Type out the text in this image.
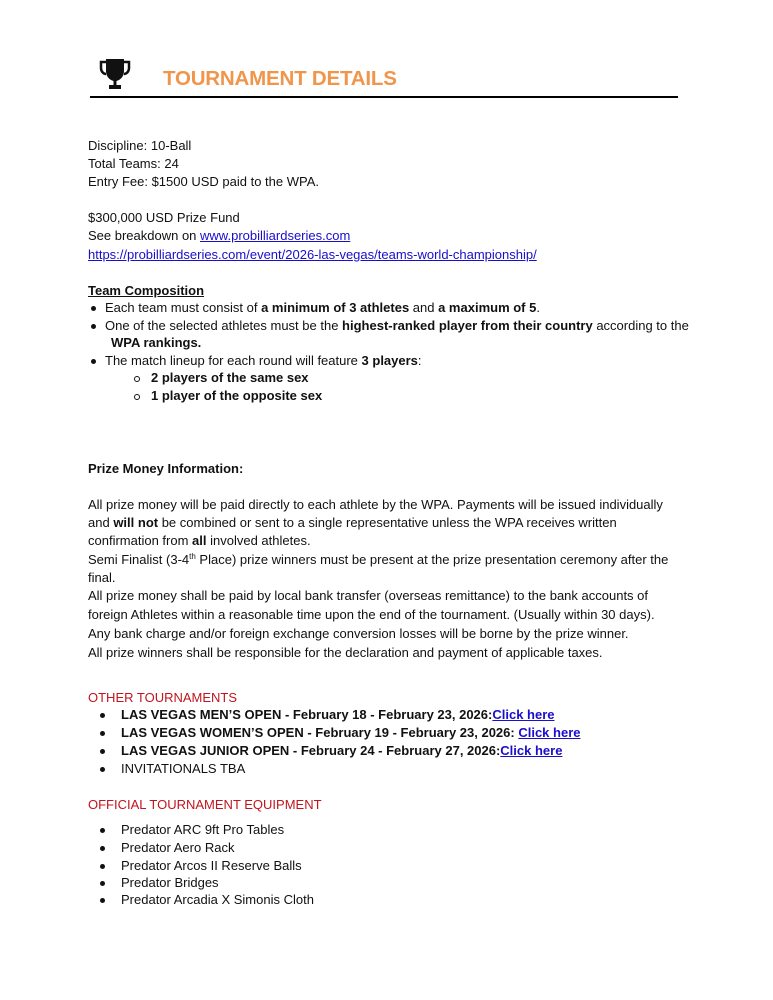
TOURNAMENT DETAILS
Discipline: 10-Ball
Total Teams: 24
Entry Fee: $1500 USD paid to the WPA.
$300,000 USD Prize Fund
See breakdown on www.probilliardseries.com
https://probilliardseries.com/event/2026-las-vegas/teams-world-championship/
Team Composition
Each team must consist of a minimum of 3 athletes and a maximum of 5.
One of the selected athletes must be the highest-ranked player from their country according to the
WPA rankings.
The match lineup for each round will feature 3 players:
2 players of the same sex
1 player of the opposite sex
Prize Money Information:
All prize money will be paid directly to each athlete by the WPA. Payments will be issued individually
and will not be combined or sent to a single representative unless the WPA receives written
confirmation from all involved athletes.
Semi Finalist (3-4th Place) prize winners must be present at the prize presentation ceremony after the
final.
All prize money shall be paid by local bank transfer (overseas remittance) to the bank accounts of
foreign Athletes within a reasonable time upon the end of the tournament. (Usually within 30 days).
Any bank charge and/or foreign exchange conversion losses will be borne by the prize winner.
All prize winners shall be responsible for the declaration and payment of applicable taxes.
OTHER TOURNAMENTS
LAS VEGAS MEN’S OPEN - February 18 - February 23, 2026:Click here
LAS VEGAS WOMEN’S OPEN - February 19 - February 23, 2026: Click here
LAS VEGAS JUNIOR OPEN - February 24 - February 27, 2026:Click here
INVITATIONALS TBA
OFFICIAL TOURNAMENT EQUIPMENT
Predator ARC 9ft Pro Tables
Predator Aero Rack
Predator Arcos II Reserve Balls
Predator Bridges
Predator Arcadia X Simonis Cloth
